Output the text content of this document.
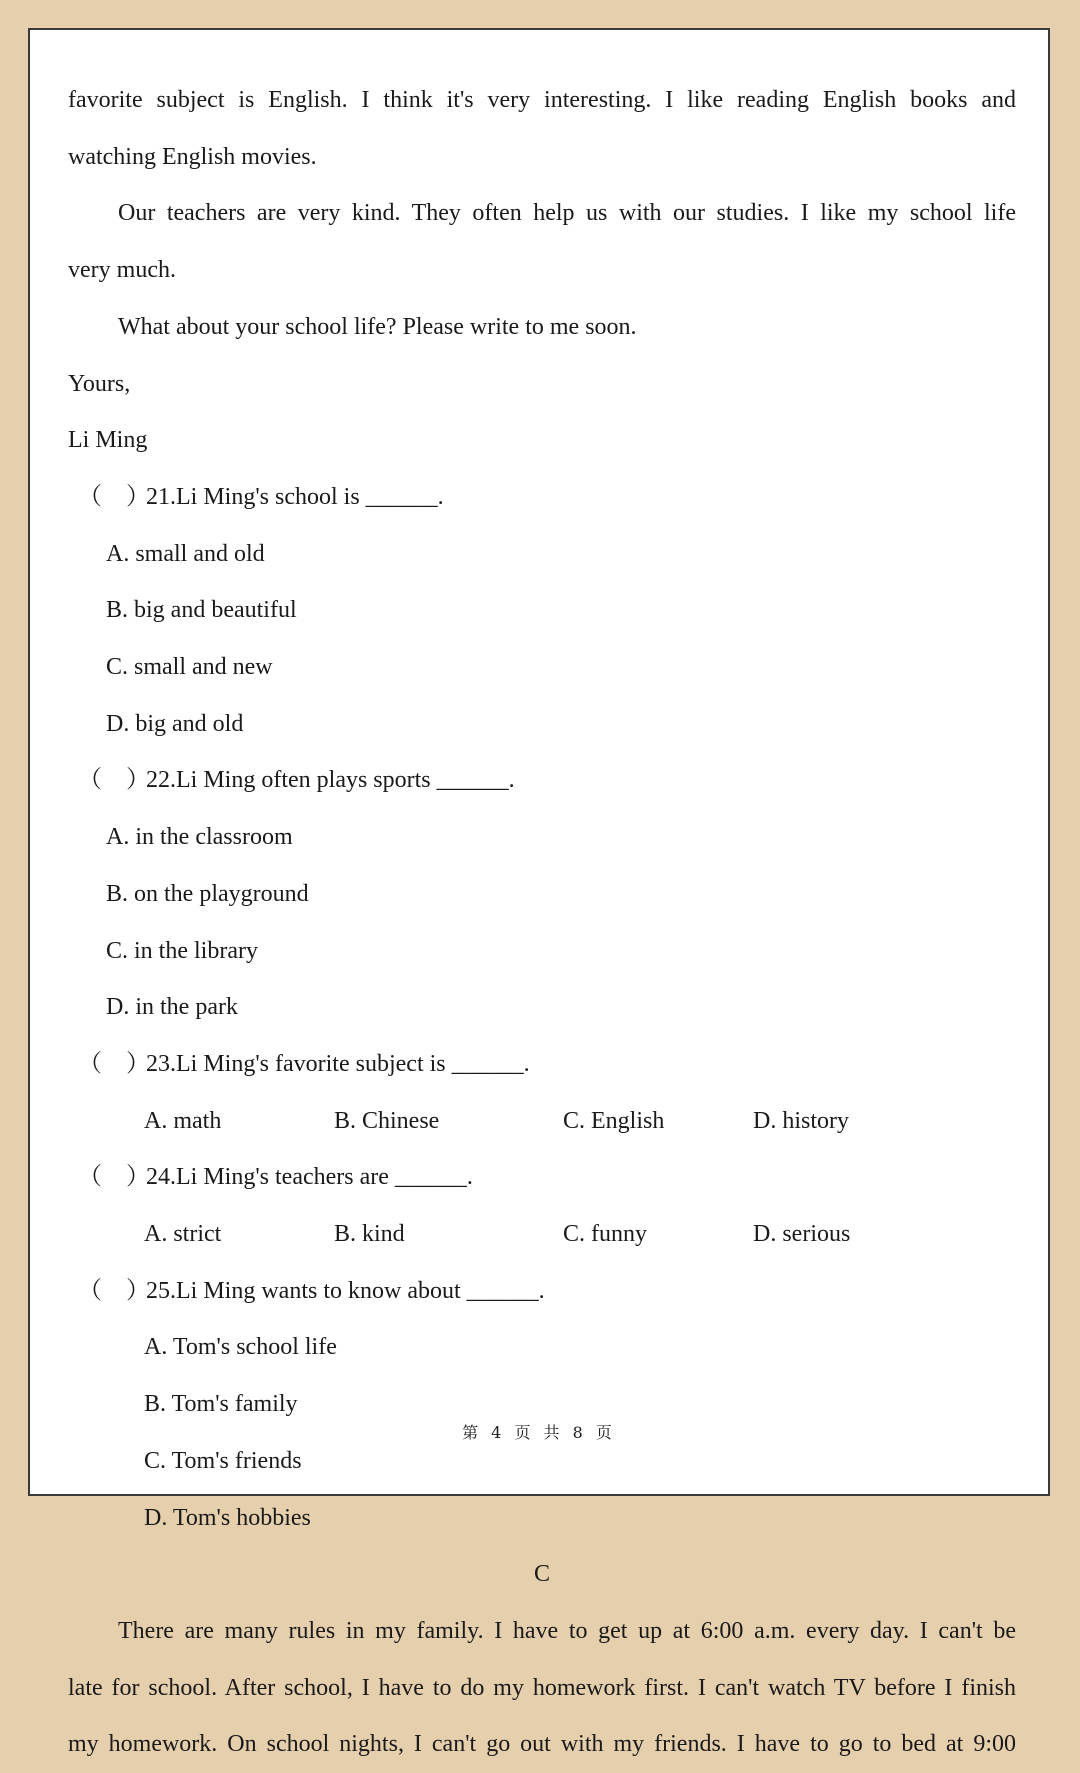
favorite subject is English. I think it's very interesting. I like reading English books and

watching English movies.

Our teachers are very kind. They often help us with our studies. I like my school life

very much.

What about your school life? Please write to me soon.

Yours,

Li Ming

（　）21.Li Ming's school is ______.

A. small and oldB. big and beautiful

C. small and newD. big and old

（　）22.Li Ming often plays sports ______.

A. in the classroomB. on the playground

C. in the libraryD. in the park

（　）23.Li Ming's favorite subject is ______.

A. math	B. Chinese	C. English	D. history

（　）24.Li Ming's teachers are ______.

A. strict	B. kind	C. funny	D. serious

（　）25.Li Ming wants to know about ______.

A. Tom's school lifeB. Tom's family

C. Tom's friendsD. Tom's hobbies

C

There are many rules in my family. I have to get up at 6:00 a.m. every day. I can't be

late for school. After school, I have to do my homework first. I can't watch TV before I finish

my homework. On school nights, I can't go out with my friends. I have to go to bed at 9:00

第 4 页 共 8 页
